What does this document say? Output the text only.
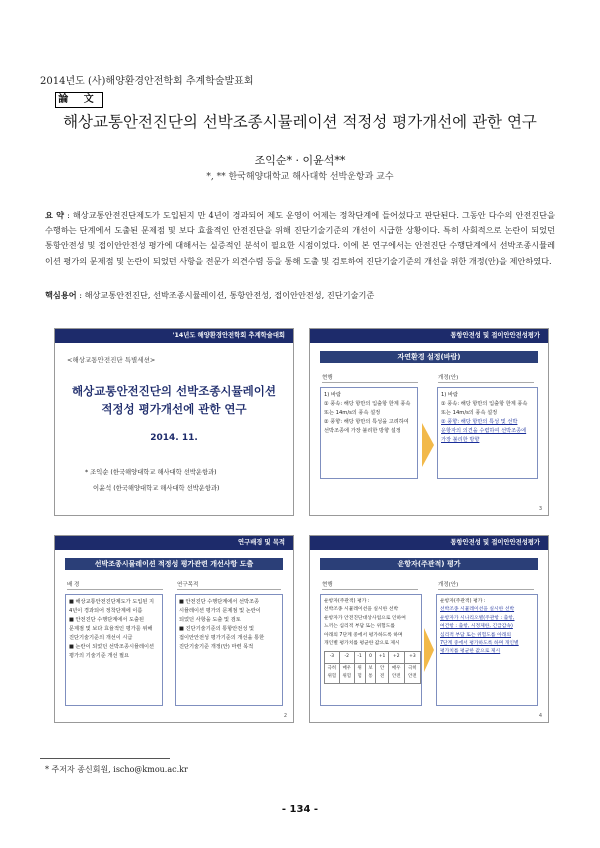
2014년도 (사)해양환경안전학회 추계학술발표회
論 文
해상교통안전진단의 선박조종시뮬레이션 적정성 평가개선에 관한 연구
조익순* · 이윤석**
*, ** 한국해양대학교 해사대학 선박운항과 교수
요 약 : 해상교통안전진단제도가 도입된지 만 4년이 경과되어 제도 운영이 어제는 정착단계에 들어섰다고 판단된다. 그동안 다수의 안전진단을 수행하는 단계에서 도출된 문제점 및 보다 효율적인 안전진단을 위해 진단기술기준의 개선이 시급한 상황이다. 특히 사회적으로 논란이 되었던 통항안전성 및 접이안안전성 평가에 대해서는 실증적인 분석이 필요한 시점이었다. 이에 본 연구에서는 안전진단 수행단계에서 선박조종시뮬레이션 평가의 문제점 및 논란이 되었던 사항을 전문가 의견수렴 등을 통해 도출 및 검토하여 진단기술기준의 개선을 위한 개정(안)을 제안하였다.
핵심용어 : 해상교통안전진단, 선박조종시뮬레이션, 통항안전성, 접이안안전성, 진단기술기준
'14년도 해양환경안전학회 추계학술대회
<해상교통안전진단 특별세션>
해상교통안전진단의 선박조종시뮬레이션
적정성 평가개선에 관한 연구
2014. 11.
* 조익순 (한국해양대학교 해사대학 선박운항과)
이윤석 (한국해양대학교 해사대학 선박운항과)
통항안전성 및 접이안안전성평가
자연환경 설정(바람)
현행	개정(안)
1) 바람
① 풍속: 해당 항만의 입출항 한계 풍속
또는 14m/s의 풍속 설정
② 풍향: 해당 항만의 특성을 고려하여
선박조종에 가장 불리한 방향 설정
1) 바람
① 풍속: 해당 항만의 입출항 한계 풍속
또는 14m/s의 풍속 설정
② 풍향: 해당 항만의 특성 및 선박
운항자의 의견을 수렴하여 선박조종에
가장 불리한 방향
3
연구배경 및 목적
선박조종시뮬레이션 적정성 평가관련 개선사항 도출
배 경	연구목적
■ 해상교통안전진단제도가 도입된 지
4년이 경과되어 정착단계에 이름
■ 안전진단 수행단계에서 도출된
문제점 및 보다 효율적인 평가를 위해
진단기술기준의 개선이 시급
■ 논란이 되었던 선박조종시뮬레이션
평가의 기술기준 개선 필요
■ 안전진단 수행단계에서 선박조종
시뮬레이션 평가의 문제점 및 논란이
되었던 사항을 도출 및 검토
■ 진단기술기준의 통항안전성 및
접이안안전성 평가기준의 개선을 통한
진단기술기준 개정(안) 마련 목적
2
통항안전성 및 접이안안전성평가
운항자(주관적) 평가
현행	개정(안)
운항자(주관적) 평가 :
선박조종 시뮬레이션을 실시한 선박
운항자가 안전진단대상사업으로 인하여
느끼는 심리적 부담 또는 위험도를
아래의 7단계 중에서 평가하도록 하며
개인별 평가치를 평균한 값으로 제시
-3	-2	-1	0	+1	+2	+3
극히 위험	매우 위험	위험	보통	안전	매우 안전	극히 안전
운항자(주관적) 평가 :
선박조종 시뮬레이션을 실시한 선박
운항자가 시나리오별(주관항 : 출항,
여건항 : 출항, 시정제한, 긴급감속)
심리적 부담 또는 위험도를 아래의
7단계 중에서 평가하도록 하며 개인별
평가치를 평균한 값으로 제시
4
* 주저자 종신회원, ischo@kmou.ac.kr
- 134 -
